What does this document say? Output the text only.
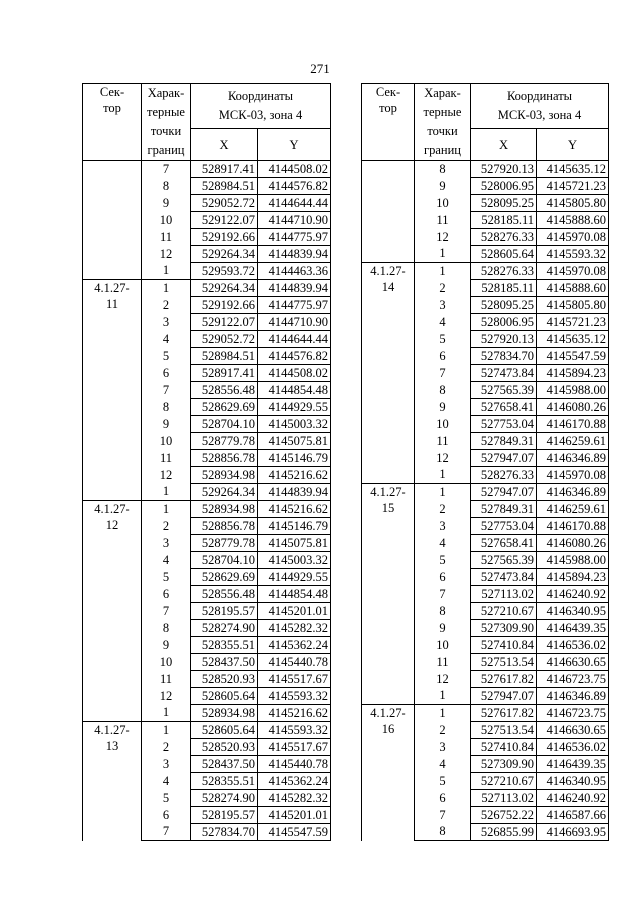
271
Сек-
тор	Харак-
терные
точки
границ	Координаты
МСК-03, зона 4	
		X	Y

	7	528917.41	4144508.02
	8	528984.51	4144576.82
	9	529052.72	4144644.44
	10	529122.07	4144710.90
	11	529192.66	4144775.97
	12	529264.34	4144839.94
	1	529593.72	4144463.36
4.1.27-
11	1	529264.34	4144839.94
	2	529192.66	4144775.97
	3	529122.07	4144710.90
	4	529052.72	4144644.44
	5	528984.51	4144576.82
	6	528917.41	4144508.02
	7	528556.48	4144854.48
	8	528629.69	4144929.55
	9	528704.10	4145003.32
	10	528779.78	4145075.81
	11	528856.78	4145146.79
	12	528934.98	4145216.62
	1	529264.34	4144839.94
4.1.27-
12	1	528934.98	4145216.62
	2	528856.78	4145146.79
	3	528779.78	4145075.81
	4	528704.10	4145003.32
	5	528629.69	4144929.55
	6	528556.48	4144854.48
	7	528195.57	4145201.01
	8	528274.90	4145282.32
	9	528355.51	4145362.24
	10	528437.50	4145440.78
	11	528520.93	4145517.67
	12	528605.64	4145593.32
	1	528934.98	4145216.62
4.1.27-
13	1	528605.64	4145593.32
	2	528520.93	4145517.67
	3	528437.50	4145440.78
	4	528355.51	4145362.24
	5	528274.90	4145282.32
	6	528195.57	4145201.01
	7	527834.70	4145547.59
Сек-
тор	Харак-
терные
точки
границ	Координаты
МСК-03, зона 4	
		X	Y

	8	527920.13	4145635.12
	9	528006.95	4145721.23
	10	528095.25	4145805.80
	11	528185.11	4145888.60
	12	528276.33	4145970.08
	1	528605.64	4145593.32
4.1.27-
14	1	528276.33	4145970.08
	2	528185.11	4145888.60
	3	528095.25	4145805.80
	4	528006.95	4145721.23
	5	527920.13	4145635.12
	6	527834.70	4145547.59
	7	527473.84	4145894.23
	8	527565.39	4145988.00
	9	527658.41	4146080.26
	10	527753.04	4146170.88
	11	527849.31	4146259.61
	12	527947.07	4146346.89
	1	528276.33	4145970.08
4.1.27-
15	1	527947.07	4146346.89
	2	527849.31	4146259.61
	3	527753.04	4146170.88
	4	527658.41	4146080.26
	5	527565.39	4145988.00
	6	527473.84	4145894.23
	7	527113.02	4146240.92
	8	527210.67	4146340.95
	9	527309.90	4146439.35
	10	527410.84	4146536.02
	11	527513.54	4146630.65
	12	527617.82	4146723.75
	1	527947.07	4146346.89
4.1.27-
16	1	527617.82	4146723.75
	2	527513.54	4146630.65
	3	527410.84	4146536.02
	4	527309.90	4146439.35
	5	527210.67	4146340.95
	6	527113.02	4146240.92
	7	526752.22	4146587.66
	8	526855.99	4146693.95
